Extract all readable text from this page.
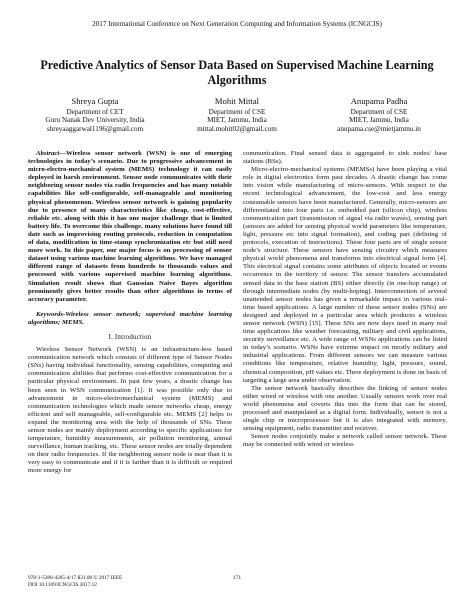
2017 International Conference on Next Generation Computing and Information Systems (ICNGCIS)
Predictive Analytics of Sensor Data Based on Supervised Machine Learning Algorithms
Shreya Gupta
Department of CET
Guru Nanak Dev University, India
shreyaaggarwal1196@gmail.com
Mohit Mittal
Department of CSE
MIET, Jammu, India
mittal.mohit02@gmail.com
Anupama Padha
Department of CSE
MIET, Jammu, India
anupama.cse@mietjammu.in

Abstract—Wireless sensor network (WSN) is one of emerging technologies in today’s scenario. Due to progressive advancement in micro-electro-mechanical system (MEMS) technology it can easily deployed in harsh environment. Sensor node communicates with their neighboring sensor nodes via radio frequencies and has many notable capabilities like self-configurable, self-manageable and monitoring physical phenomenon. Wireless sensor network is gaining popularity due to presence of many characteristics like cheap, cost-effective, reliable etc. along with this it has one major challenge that is limited battery life. To overcome this challenge, many solutions have found till date such as improvising routing protocols, reduction in computation of data, modification in time-stamp synchronization etc but still need more work. In this paper, our major focus is on processing of sensor dataset using various machine learning algorithms. We have managed different range of datasets from hundreds to thousands values and processed with various supervised machine learning algorithms. Simulation result shows that Gaussian Naive Bayes algorithm prominently gives better results than other algorithms in terms of accuracy parameter.

Keywords-Wireless sensor network; supervised machine learning algorithms; MEMS.

I. Introduction

Wireless Sensor Network (WSN) is an infrastructure-less based communication network which consists of different type of Sensor Nodes (SNs) having individual functionality, sensing capabilities, computing and communication abilities that performs cost-effective communication for a particular physical environment. In past few years, a drastic change has been seen in WSN communication [1]. It was possible only due to advancement in micro-electromechanical system (MEMS) and communication technologies which made sensor networks cheap, energy efficient and self manageable, self-configurable etc. MEMS [2] helps to expand the monitoring area with the help of thousands of SNs. These sensor nodes are mainly deployment according to specific applications for temperature, humidity measurements, air pollution monitoring, animal surveillance, human tracking, etc. These sensor nodes are totally dependent on their radio frequencies. If the neighboring sensor node is near than it is very easy to communicate and if it is farther than it is difficult or required more energy for

communication. Final sensed data is aggregated to sink nodes/ base stations (BSs).

Micro-electro-mechanical systems (MEMSs) have been playing a vital role in digital electronics form past decades. A drastic change has come into vision while manufacturing of micro-sensors. With respect to the recent technological advancement, the low-cost and less energy consumable sensors have been manufactured. Generally, micro-sensors are differentiated into four parts i.e. embedded part (silicon chip), wireless communication part (transmission of signal via radio waves), sensing part (sensors are added for sensing physical world parameters like temperature, light, pressure etc into signal formation), and coding part (defining of protocols, execution of instructions). These four parts are of single sensor node’s structure. These sensors have sensing circuitry which measures physical world phenomena and transforms into electrical signal form [4]. This electrical signal contains some attributes of objects located or events occurrence in the territory of sensor. The sensor transfers accumulated sensed data to the base station (BS) either directly (in one-hop range) or through intermediate nodes (by multi-hoping). Interconnection of several unattended sensor nodes has given a remarkable impact in various real-time based applications. A large number of these sensor nodes (SNs) are designed and deployed in a particular area which produces a wireless sensor network (WSN) [15]. These SNs are now days used in many real time applications like weather forecasting, military and civil applications, security surveillance etc. A wide range of WSNs applications can be listed in today’s scenario. WSNs have extreme impact on mostly military and industrial applications. From different sensors we can measure various conditions like temperature, relative humidity, light, pressure, sound, chemical composition, pH values etc. There deployment is done on basis of targeting a large area under observation.

The sensor network basically describes the linking of sensor nodes either wired or wireless with one another. Usually sensors work over real world phenomena and coverts this into the form that can be stored, processed and manipulated as a digital form. Individually, sensor is not a single chip or microprocessor but it is also integrated with memory, sensing equipment, radio transmitter and receiver.

Sensor nodes conjointly make a network called sensor network. These may be connected with wired or wireless

978-1-5386-4205-4/17 $31.00 © 2017 IEEE
DOI 10.1109/ICNGCIS.2017.12
171
